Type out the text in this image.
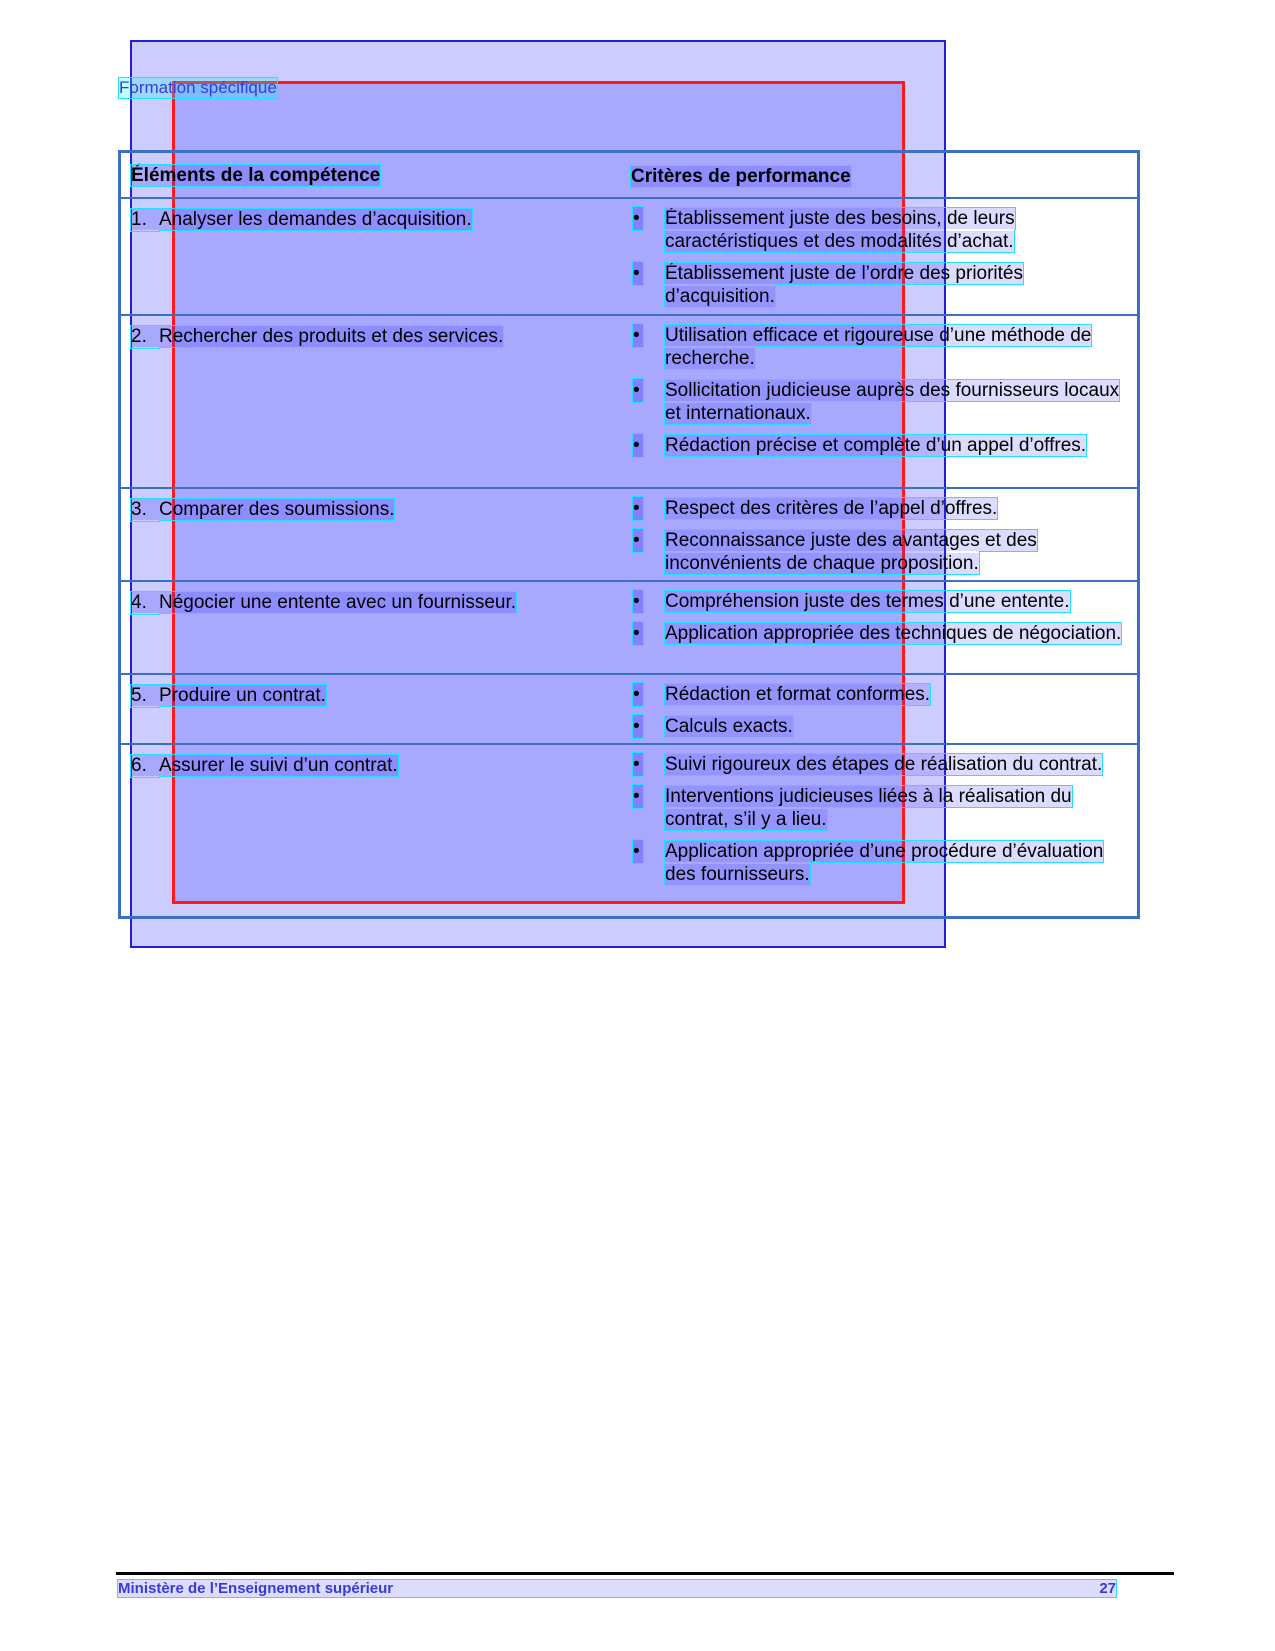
Formation spécifique
Éléments de la compétence	Critères de performance
1. Analyser les demandes d’acquisition.	• Établissement juste des besoins, de leurs caractéristiques et des modalités d’achat.
• Établissement juste de l’ordre des priorités d’acquisition.
2. Rechercher des produits et des services.	• Utilisation efficace et rigoureuse d’une méthode de recherche.
• Sollicitation judicieuse auprès des fournisseurs locaux et internationaux.
• Rédaction précise et complète d’un appel d’offres.
3. Comparer des soumissions.	• Respect des critères de l’appel d’offres.
• Reconnaissance juste des avantages et des inconvénients de chaque proposition.
4. Négocier une entente avec un fournisseur.	• Compréhension juste des termes d’une entente.
• Application appropriée des techniques de négociation.
5. Produire un contrat.	• Rédaction et format conformes.
• Calculs exacts.
6. Assurer le suivi d’un contrat.	• Suivi rigoureux des étapes de réalisation du contrat.
• Interventions judicieuses liées à la réalisation du contrat, s’il y a lieu.
• Application appropriée d’une procédure d’évaluation des fournisseurs.
Ministère de l’Enseignement supérieur	27
